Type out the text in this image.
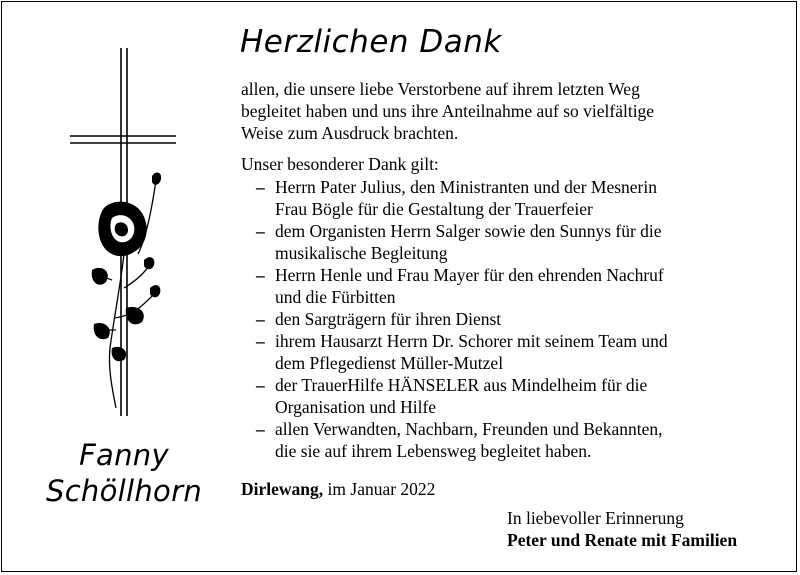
Fanny
Schöllhorn
Herzlichen Dank
allen, die unsere liebe Verstorbene auf ihrem letzten Weg
begleitet haben und uns ihre Anteilnahme auf so vielfältige
Weise zum Ausdruck brachten.
Unser besonderer Dank gilt:
– Herrn Pater Julius, den Ministranten und der Mesnerin
Frau Bögle für die Gestaltung der Trauerfeier
– dem Organisten Herrn Salger sowie den Sunnys für die
musikalische Begleitung
– Herrn Henle und Frau Mayer für den ehrenden Nachruf
und die Fürbitten
– den Sargträgern für ihren Dienst
– ihrem Hausarzt Herrn Dr. Schorer mit seinem Team und
dem Pflegedienst Müller-Mutzel
– der TrauerHilfe HÄNSELER aus Mindelheim für die
Organisation und Hilfe
– allen Verwandten, Nachbarn, Freunden und Bekannten,
die sie auf ihrem Lebensweg begleitet haben.
Dirlewang, im Januar 2022
In liebevoller Erinnerung
Peter und Renate mit Familien
